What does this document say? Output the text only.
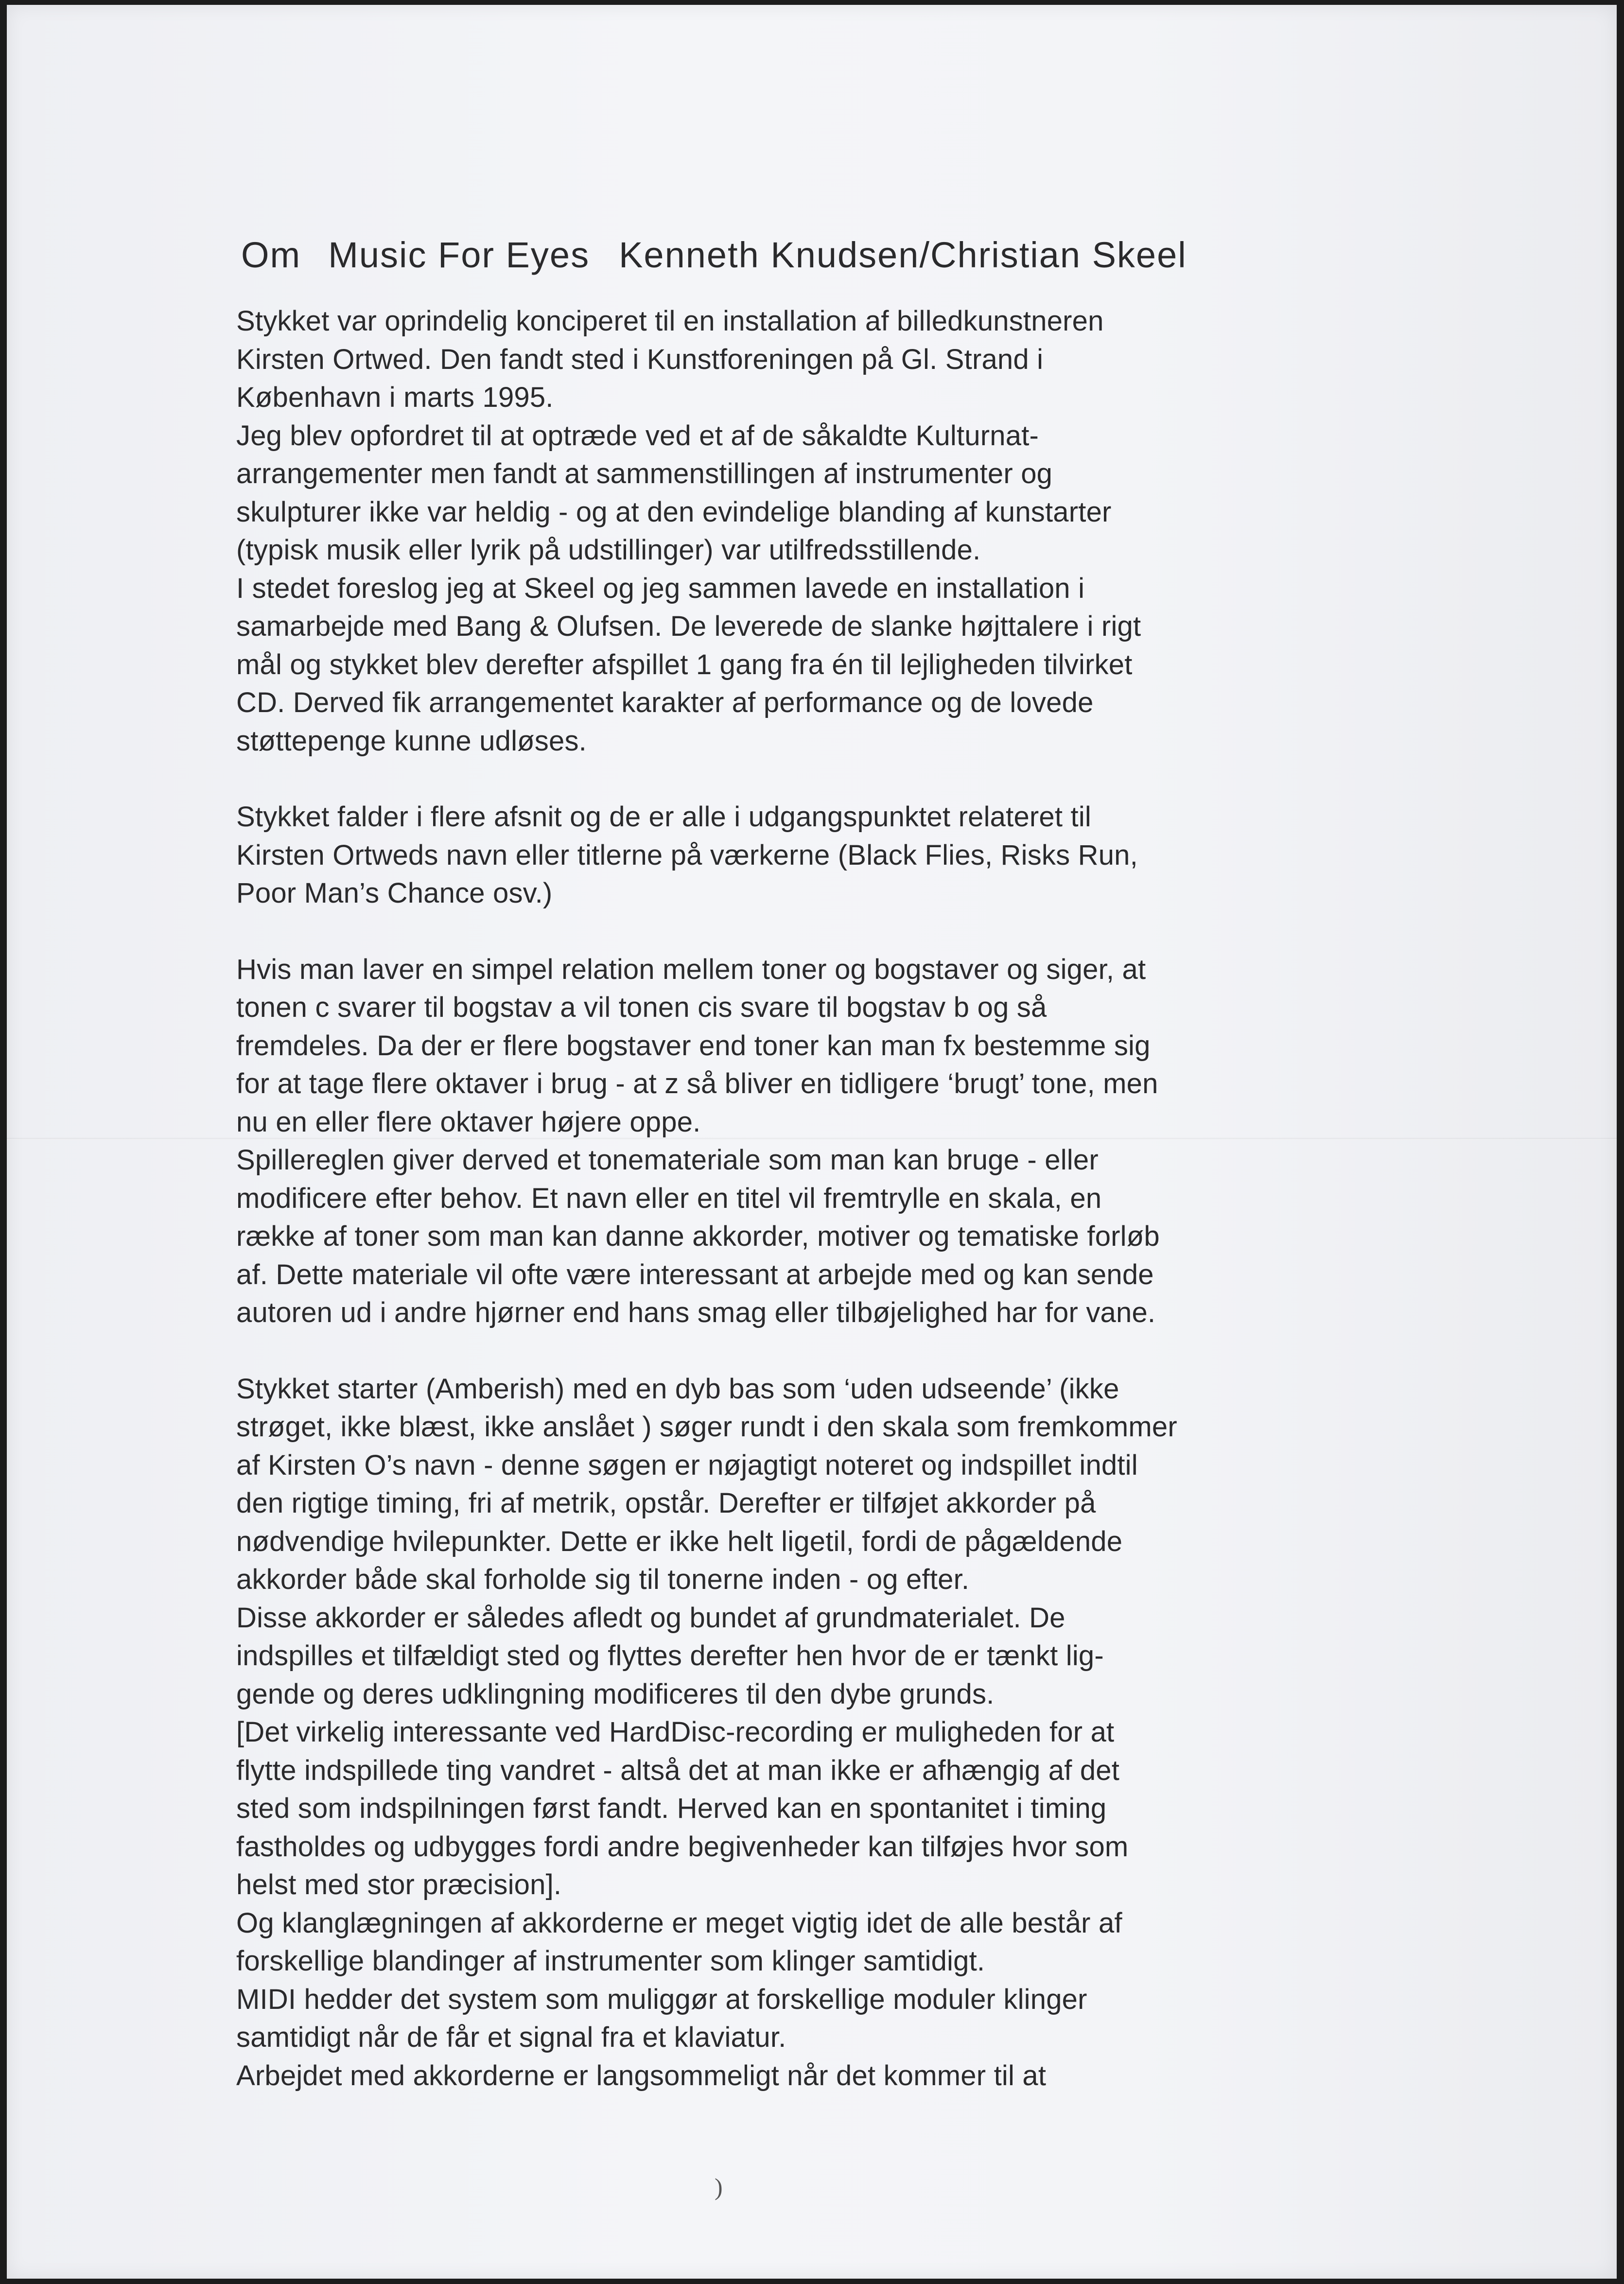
Om Music For Eyes Kenneth Knudsen/Christian Skeel

Stykket var oprindelig konciperet til en installation af billedkunstneren
Kirsten Ortwed. Den fandt sted i Kunstforeningen på Gl. Strand i
København i marts 1995.
Jeg blev opfordret til at optræde ved et af de såkaldte Kulturnat-
arrangementer men fandt at sammenstillingen af instrumenter og
skulpturer ikke var heldig - og at den evindelige blanding af kunstarter
(typisk musik eller lyrik på udstillinger) var utilfredsstillende.
I stedet foreslog jeg at Skeel og jeg sammen lavede en installation i
samarbejde med Bang & Olufsen. De leverede de slanke højttalere i rigt
mål og stykket blev derefter afspillet 1 gang fra én til lejligheden tilvirket
CD. Derved fik arrangementet karakter af performance og de lovede
støttepenge kunne udløses.

Stykket falder i flere afsnit og de er alle i udgangspunktet relateret til
Kirsten Ortweds navn eller titlerne på værkerne (Black Flies, Risks Run,
Poor Man’s Chance osv.)

Hvis man laver en simpel relation mellem toner og bogstaver og siger, at
tonen c svarer til bogstav a vil tonen cis svare til bogstav b og så
fremdeles. Da der er flere bogstaver end toner kan man fx bestemme sig
for at tage flere oktaver i brug - at z så bliver en tidligere ‘brugt’ tone, men
nu en eller flere oktaver højere oppe.
Spillereglen giver derved et tonemateriale som man kan bruge - eller
modificere efter behov. Et navn eller en titel vil fremtrylle en skala, en
række af toner som man kan danne akkorder, motiver og tematiske forløb
af. Dette materiale vil ofte være interessant at arbejde med og kan sende
autoren ud i andre hjørner end hans smag eller tilbøjelighed har for vane.

Stykket starter (Amberish) med en dyb bas som ‘uden udseende’ (ikke
strøget, ikke blæst, ikke anslået ) søger rundt i den skala som fremkommer
af Kirsten O’s navn - denne søgen er nøjagtigt noteret og indspillet indtil
den rigtige timing, fri af metrik, opstår. Derefter er tilføjet akkorder på
nødvendige hvilepunkter. Dette er ikke helt ligetil, fordi de pågældende
akkorder både skal forholde sig til tonerne inden - og efter.
Disse akkorder er således afledt og bundet af grundmaterialet. De
indspilles et tilfældigt sted og flyttes derefter hen hvor de er tænkt lig-
gende og deres udklingning modificeres til den dybe grunds.
[Det virkelig interessante ved HardDisc-recording er muligheden for at
flytte indspillede ting vandret - altså det at man ikke er afhængig af det
sted som indspilningen først fandt. Herved kan en spontanitet i timing
fastholdes og udbygges fordi andre begivenheder kan tilføjes hvor som
helst med stor præcision].
Og klanglægningen af akkorderne er meget vigtig idet de alle består af
forskellige blandinger af instrumenter som klinger samtidigt.
MIDI hedder det system som muliggør at forskellige moduler klinger
samtidigt når de får et signal fra et klaviatur.
Arbejdet med akkorderne er langsommeligt når det kommer til at

)
